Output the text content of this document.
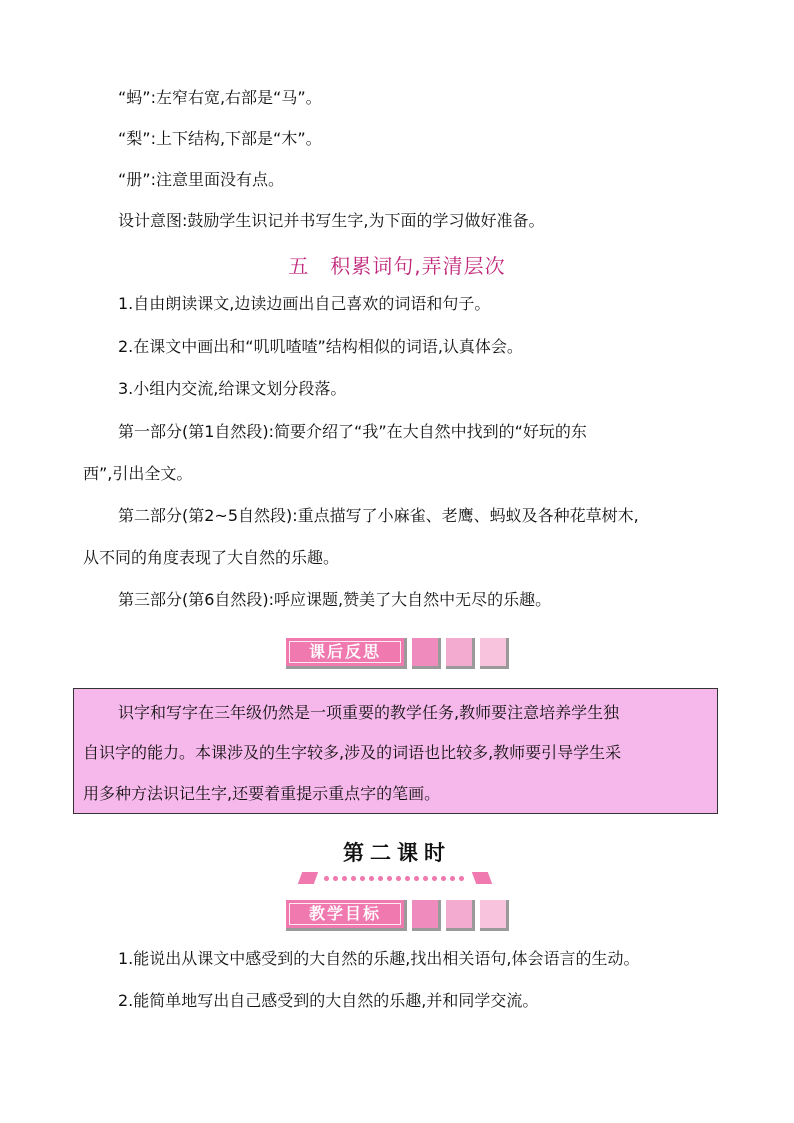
“蚂”:左窄右宽,右部是“马”。
“梨”:上下结构,下部是“木”。
“册”:注意里面没有点。
设计意图:鼓励学生识记并书写生字,为下面的学习做好准备。
五　积累词句,弄清层次
1.自由朗读课文,边读边画出自己喜欢的词语和句子。
2.在课文中画出和“叽叽喳喳”结构相似的词语,认真体会。
3.小组内交流,给课文划分段落。
第一部分(第1自然段):简要介绍了“我”在大自然中找到的“好玩的东
西”,引出全文。
第二部分(第2~5自然段):重点描写了小麻雀、老鹰、蚂蚁及各种花草树木,
从不同的角度表现了大自然的乐趣。
第三部分(第6自然段):呼应课题,赞美了大自然中无尽的乐趣。
课后反思
识字和写字在三年级仍然是一项重要的教学任务,教师要注意培养学生独
自识字的能力。本课涉及的生字较多,涉及的词语也比较多,教师要引导学生采
用多种方法识记生字,还要着重提示重点字的笔画。
第二课时
教学目标
1.能说出从课文中感受到的大自然的乐趣,找出相关语句,体会语言的生动。
2.能简单地写出自己感受到的大自然的乐趣,并和同学交流。
